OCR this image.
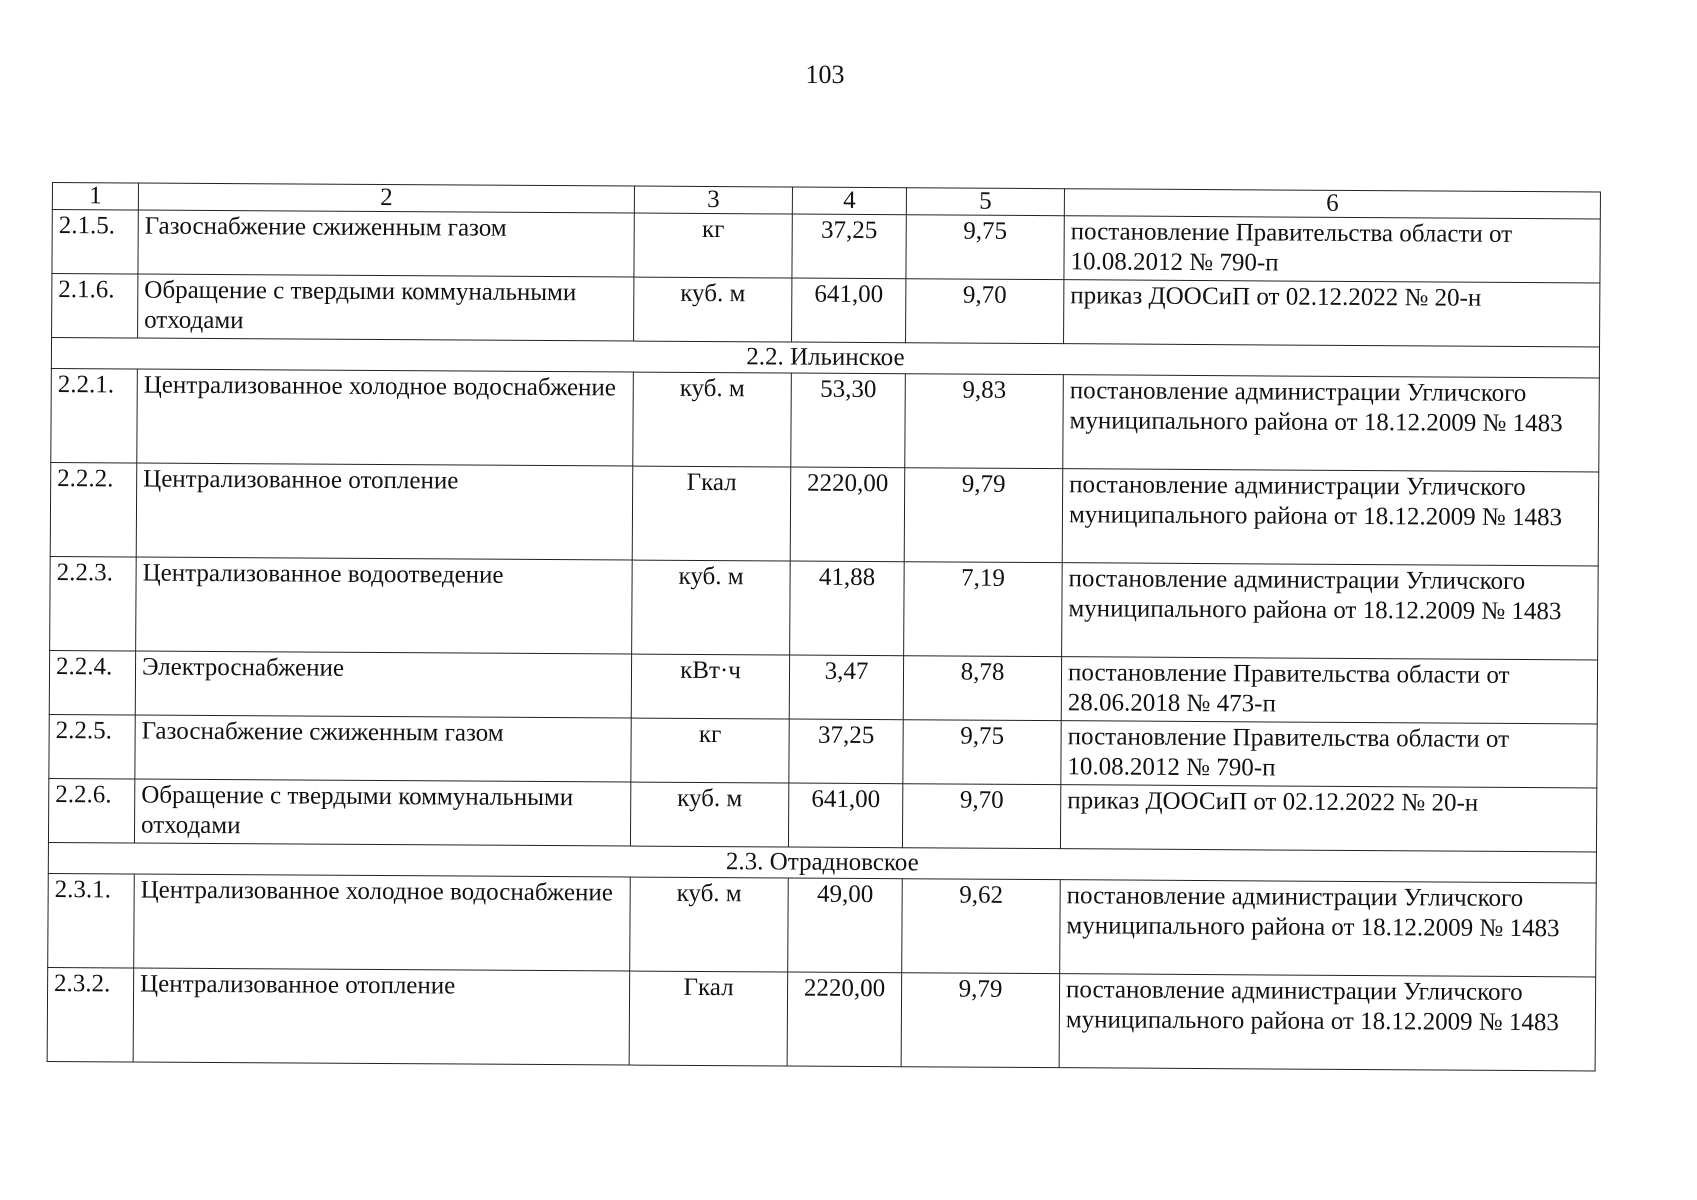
103
1	2	3	4	5	6
2.1.5.	Газоснабжение сжиженным газом	кг	37,25	9,75	постановление Правительства области от 10.08.2012 № 790-п
2.1.6.	Обращение с твердыми коммунальными отходами	куб. м	641,00	9,70	приказ ДООСиП от 02.12.2022 № 20-н
2.2. Ильинское					
2.2.1.	Централизованное холодное водоснабжение	куб. м	53,30	9,83	постановление администрации Угличского муниципального района от 18.12.2009 № 1483
2.2.2.	Централизованное отопление	Гкал	2220,00	9,79	постановление администрации Угличского муниципального района от 18.12.2009 № 1483
2.2.3.	Централизованное водоотведение	куб. м	41,88	7,19	постановление администрации Угличского муниципального района от 18.12.2009 № 1483
2.2.4.	Электроснабжение	кВт·ч	3,47	8,78	постановление Правительства области от 28.06.2018 № 473-п
2.2.5.	Газоснабжение сжиженным газом	кг	37,25	9,75	постановление Правительства области от 10.08.2012 № 790-п
2.2.6.	Обращение с твердыми коммунальными отходами	куб. м	641,00	9,70	приказ ДООСиП от 02.12.2022 № 20-н
2.3. Отрадновское					
2.3.1.	Централизованное холодное водоснабжение	куб. м	49,00	9,62	постановление администрации Угличского муниципального района от 18.12.2009 № 1483
2.3.2.	Централизованное отопление	Гкал	2220,00	9,79	постановление администрации Угличского муниципального района от 18.12.2009 № 1483
